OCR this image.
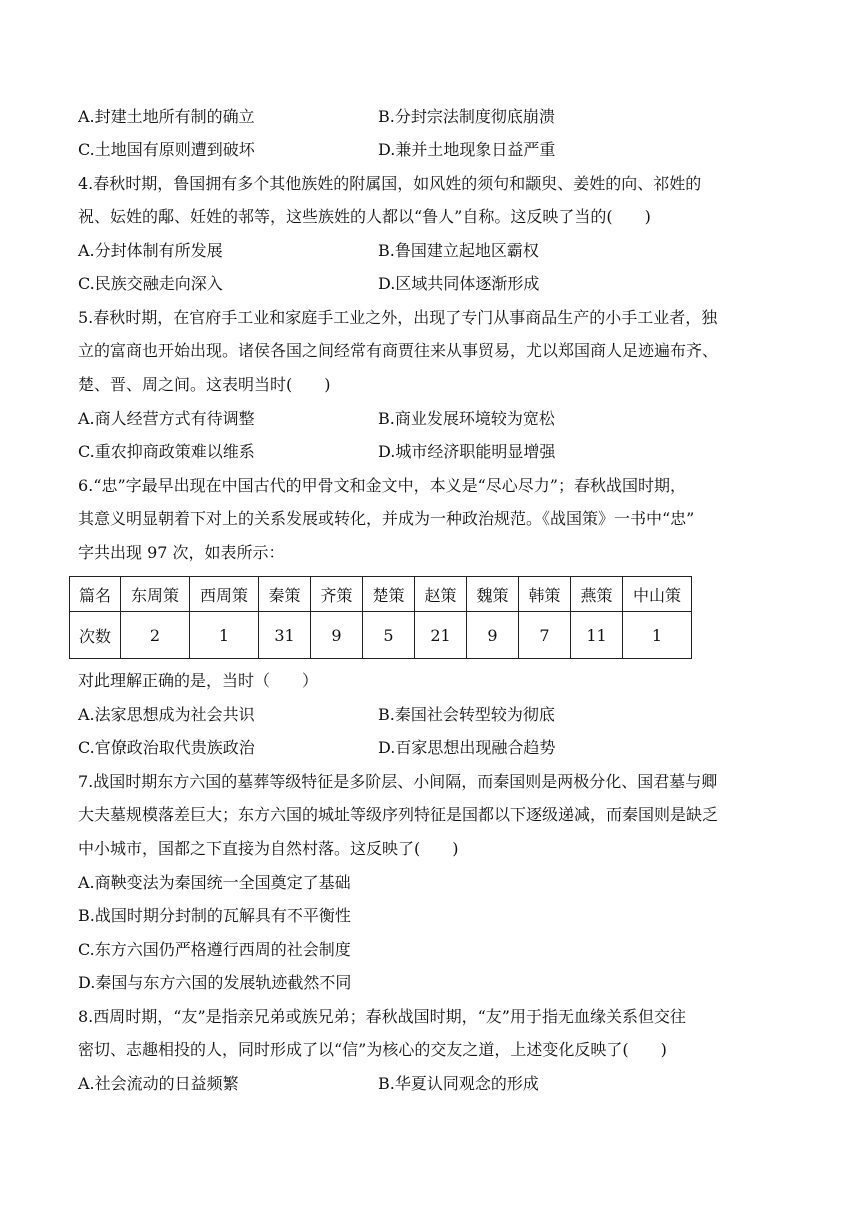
A.封建土地所有制的确立	B.分封宗法制度彻底崩溃
C.土地国有原则遭到破坏	D.兼并土地现象日益严重
4.春秋时期，鲁国拥有多个其他族姓的附属国，如风姓的须句和颛臾、姜姓的向、祁姓的
祝、妘姓的鄅、妊姓的邿等，这些族姓的人都以“鲁人”自称。这反映了当的(　　)
A.分封体制有所发展	B.鲁国建立起地区霸权
C.民族交融走向深入	D.区域共同体逐渐形成
5.春秋时期，在官府手工业和家庭手工业之外，出现了专门从事商品生产的小手工业者，独
立的富商也开始出现。诸侯各国之间经常有商贾往来从事贸易，尤以郑国商人足迹遍布齐、
楚、晋、周之间。这表明当时(　　)
A.商人经营方式有待调整	B.商业发展环境较为宽松
C.重农抑商政策难以维系	D.城市经济职能明显增强
6.“忠”字最早出现在中国古代的甲骨文和金文中，本义是“尽心尽力”；春秋战国时期，
其意义明显朝着下对上的关系发展或转化，并成为一种政治规范。《战国策》一书中“忠”
字共出现 97 次，如表所示：
篇名	东周策	西周策	秦策	齐策	楚策	赵策	魏策	韩策	燕策	中山策
次数	2	1	31	9	5	21	9	7	11	1
对此理解正确的是，当时（　　）
A.法家思想成为社会共识	B.秦国社会转型较为彻底
C.官僚政治取代贵族政治	D.百家思想出现融合趋势
7.战国时期东方六国的墓葬等级特征是多阶层、小间隔，而秦国则是两极分化、国君墓与卿
大夫墓规模落差巨大；东方六国的城址等级序列特征是国都以下逐级递减，而秦国则是缺乏
中小城市，国都之下直接为自然村落。这反映了(　　)
A.商鞅变法为秦国统一全国奠定了基础
B.战国时期分封制的瓦解具有不平衡性
C.东方六国仍严格遵行西周的社会制度
D.秦国与东方六国的发展轨迹截然不同
8.西周时期，“友”是指亲兄弟或族兄弟；春秋战国时期，“友”用于指无血缘关系但交往
密切、志趣相投的人，同时形成了以“信”为核心的交友之道，上述变化反映了(　　)
A.社会流动的日益频繁	B.华夏认同观念的形成
